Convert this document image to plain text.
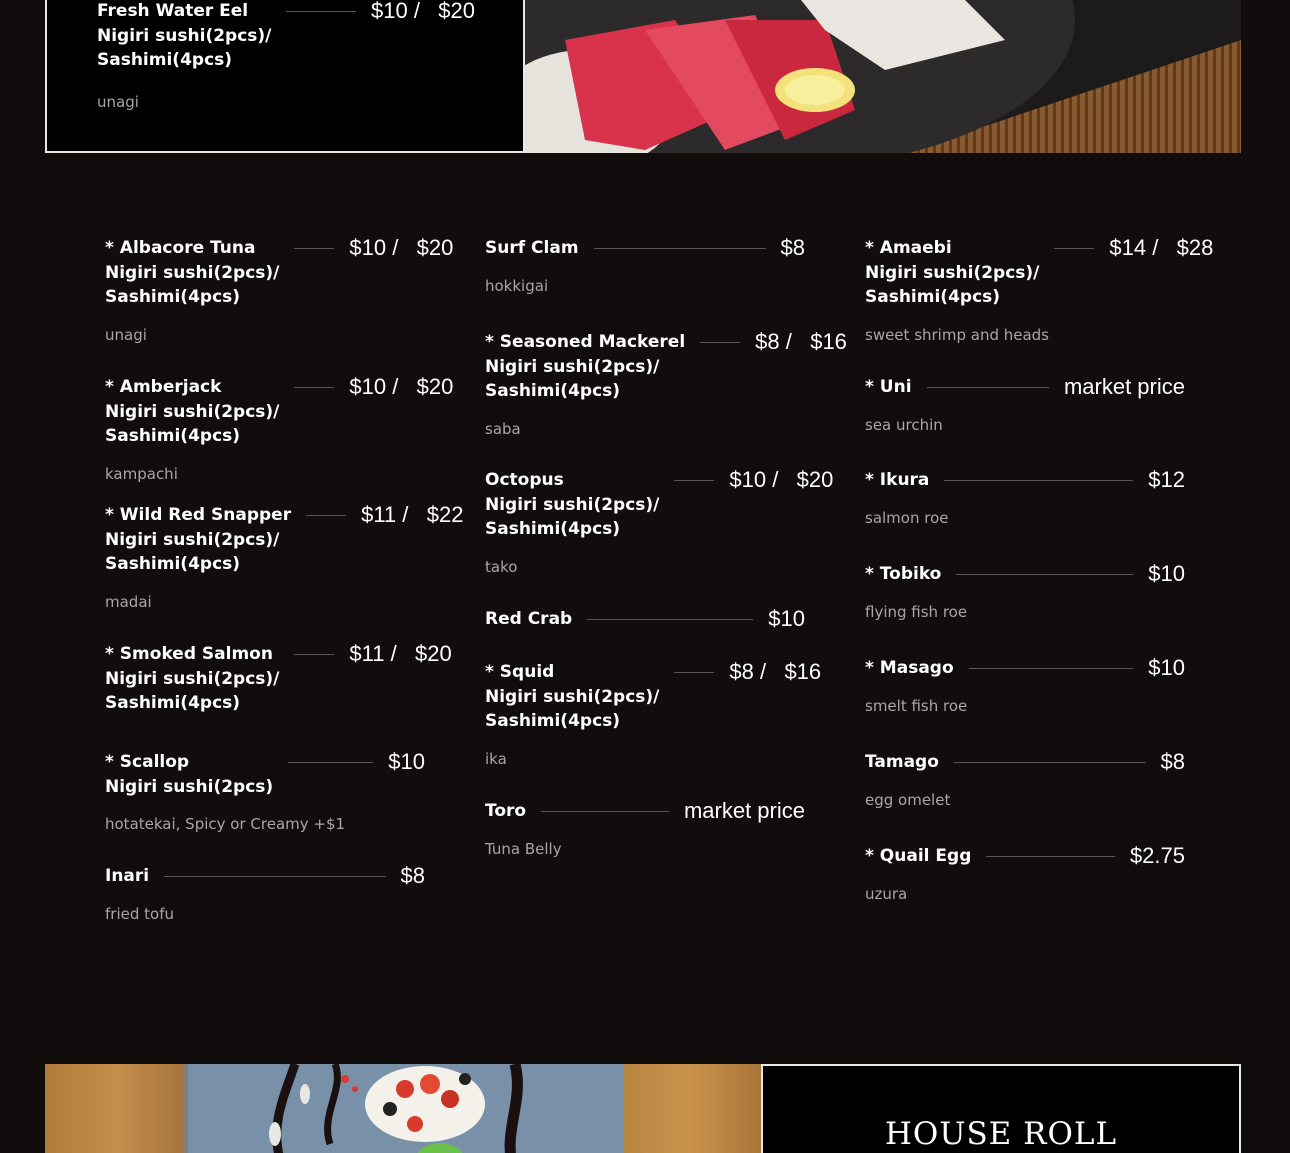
Fresh Water Eel
Nigiri sushi(2pcs)/
Sashimi(4pcs)
$10 /   $20
unagi
* Albacore Tuna
Nigiri sushi(2pcs)/
Sashimi(4pcs)
$10 /   $20
unagi
* Amberjack
Nigiri sushi(2pcs)/
Sashimi(4pcs)
$10 /   $20
kampachi
* Wild Red Snapper
Nigiri sushi(2pcs)/
Sashimi(4pcs)
$11 /   $22
madai
* Smoked Salmon
Nigiri sushi(2pcs)/
Sashimi(4pcs)
$11 /   $20
* Scallop
Nigiri sushi(2pcs)
$10
hotatekai, Spicy or Creamy +$1
Inari	$8
fried tofu
Surf Clam	$8
hokkigai
* Seasoned Mackerel
Nigiri sushi(2pcs)/
Sashimi(4pcs)
$8 /   $16
saba
Octopus
Nigiri sushi(2pcs)/
Sashimi(4pcs)
$10 /   $20
tako
Red Crab	$10
* Squid
Nigiri sushi(2pcs)/
Sashimi(4pcs)
$8 /   $16
ika
Toro	market price
Tuna Belly
* Amaebi
Nigiri sushi(2pcs)/
Sashimi(4pcs)
$14 /   $28
sweet shrimp and heads
* Uni	market price
sea urchin
* Ikura	$12
salmon roe
* Tobiko	$10
flying fish roe
* Masago	$10
smelt fish roe
Tamago	$8
egg omelet
* Quail Egg	$2.75
uzura
HOUSE ROLL
